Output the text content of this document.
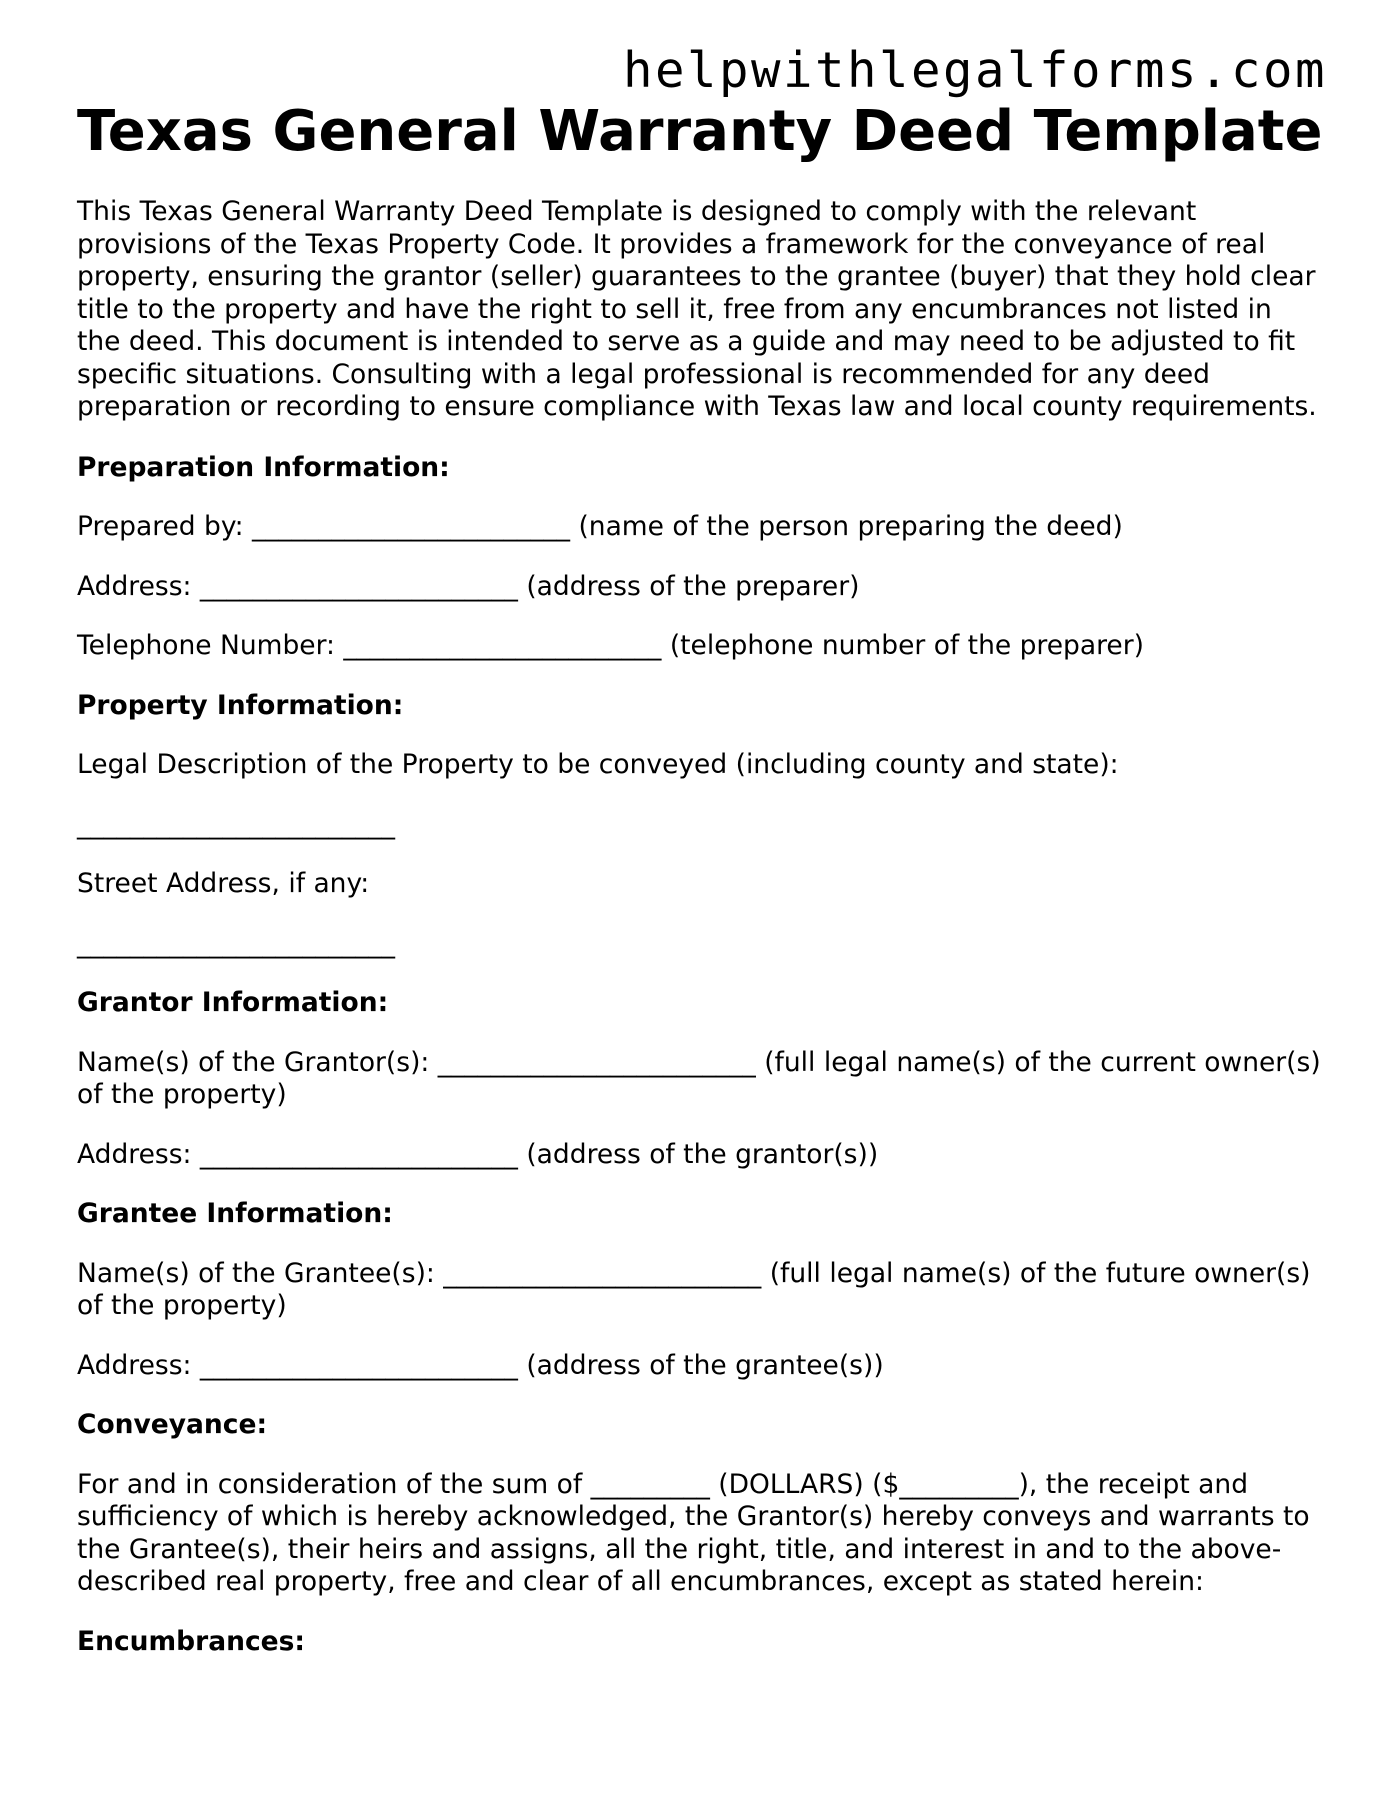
helpwithlegalforms.com
Texas General Warranty Deed Template

This Texas General Warranty Deed Template is designed to comply with the relevant provisions of the Texas Property Code. It provides a framework for the conveyance of real property, ensuring the grantor (seller) guarantees to the grantee (buyer) that they hold clear title to the property and have the right to sell it, free from any encumbrances not listed in the deed. This document is intended to serve as a guide and may need to be adjusted to fit specific situations. Consulting with a legal professional is recommended for any deed preparation or recording to ensure compliance with Texas law and local county requirements.

Preparation Information:

Prepared by: ________________________ (name of the person preparing the deed)

Address: ________________________ (address of the preparer)

Telephone Number: ________________________ (telephone number of the preparer)

Property Information:

Legal Description of the Property to be conveyed (including county and state):

________________________

Street Address, if any:

________________________

Grantor Information:

Name(s) of the Grantor(s): ________________________ (full legal name(s) of the current owner(s) of the property)

Address: ________________________ (address of the grantor(s))

Grantee Information:

Name(s) of the Grantee(s): ________________________ (full legal name(s) of the future owner(s) of the property)

Address: ________________________ (address of the grantee(s))

Conveyance:

For and in consideration of the sum of _________ (DOLLARS) ($_________), the receipt and sufficiency of which is hereby acknowledged, the Grantor(s) hereby conveys and warrants to the Grantee(s), their heirs and assigns, all the right, title, and interest in and to the above-described real property, free and clear of all encumbrances, except as stated herein:

Encumbrances:
